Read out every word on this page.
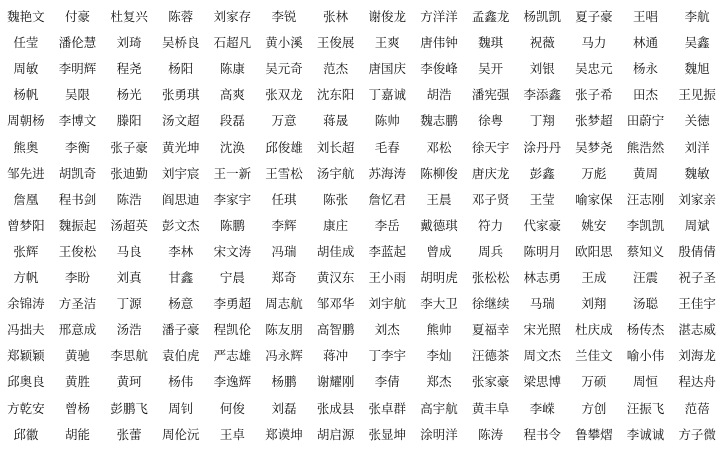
魏艳文	付豪	杜复兴	陈蓉	刘家存	李锐	张林	谢俊龙	方洋洋	孟鑫龙	杨凯凯	夏子豪	王唱	李航
任莹	潘伦慧	刘琦	吴桥良	石超凡	黄小溪	王俊展	王爽	唐伟钟	魏琪	祝薇	马力	林通	吴鑫
周敏	李明辉	程尧	杨阳	陈康	吴元奇	范杰	唐国庆	李俊峰	吴开	刘银	吴忠元	杨永	魏旭
杨帆	吴限	杨光	张勇琪	高爽	张双龙	沈东阳	丁嘉诚	胡浩	潘宪强	李添鑫	张子希	田杰	王见振
周朝杨	李博文	滕阳	汤文超	段磊	万意	蒋晟	陈帅	魏志鹏	徐粤	丁翔	张梦超	田蔚宁	关徳
熊奥	李衡	张子豪	黄光坤	沈涣	邱俊雄	刘长超	毛春	邓松	徐天宇	涂丹丹	吴梦尧	熊浩然	刘洋
邹先进	胡凯奇	张迪勤	刘宇宸	王一新	王雪松	汤宇航	苏海涛	陈柳俊	唐庆龙	彭鑫	万彪	黄周	魏敏
詹凰	程书剑	陈浩	阎思迪	李家宇	任琪	陈张	詹忆君	王晨	邓子贤	王莹	喻家保	汪志刚	刘家亲
曾梦阳	魏振起	汤超英	彭文杰	陈鹏	李辉	康庄	李岳	戴德琪	符力	代家豪	姚安	李凯凯	周斌
张辉	王俊松	马良	李林	宋文涛	冯瑞	胡佳成	李蓝起	曾成	周兵	陈明月	欧阳思	蔡知义	殷倩倩
方帆	李盼	刘真	甘鑫	宁晨	郑奇	黄汉东	王小雨	胡明虎	张松松	林志勇	王成	汪震	祝子圣
余锦涛	方圣洁	丁源	杨意	李勇超	周志航	邹邓华	刘宇航	李大卫	徐继续	马瑞	刘翔	汤聪	王佳宇
冯拙夫	邢意成	汤浩	潘子豪	程凯伦	陈友朋	高智鹏	刘杰	熊帅	夏福幸	宋光照	杜庆成	杨传杰	湛志威
郑颖颖	黄驰	李思航	袁伯虎	严志雄	冯永辉	蒋冲	丁李宇	李灿	汪德茶	周文杰	兰佳文	喻小伟	刘海龙
邱奥良	黄胜	黄珂	杨伟	李逸辉	杨鹏	谢耀刚	李倩	郑杰	张家豪	梁思博	万硕	周恒	程达舟
方乾安	曾杨	彭鹏飞	周钊	何俊	刘磊	张成县	张卓群	高宇航	黄丰阜	李嵘	方创	汪振飞	范蓓
邱徽	胡能	张蕾	周伦沅	王卓	郑谟坤	胡启源	张显坤	涂明洋	陈涛	程书令	鲁攀熠	李诚诚	方子微
